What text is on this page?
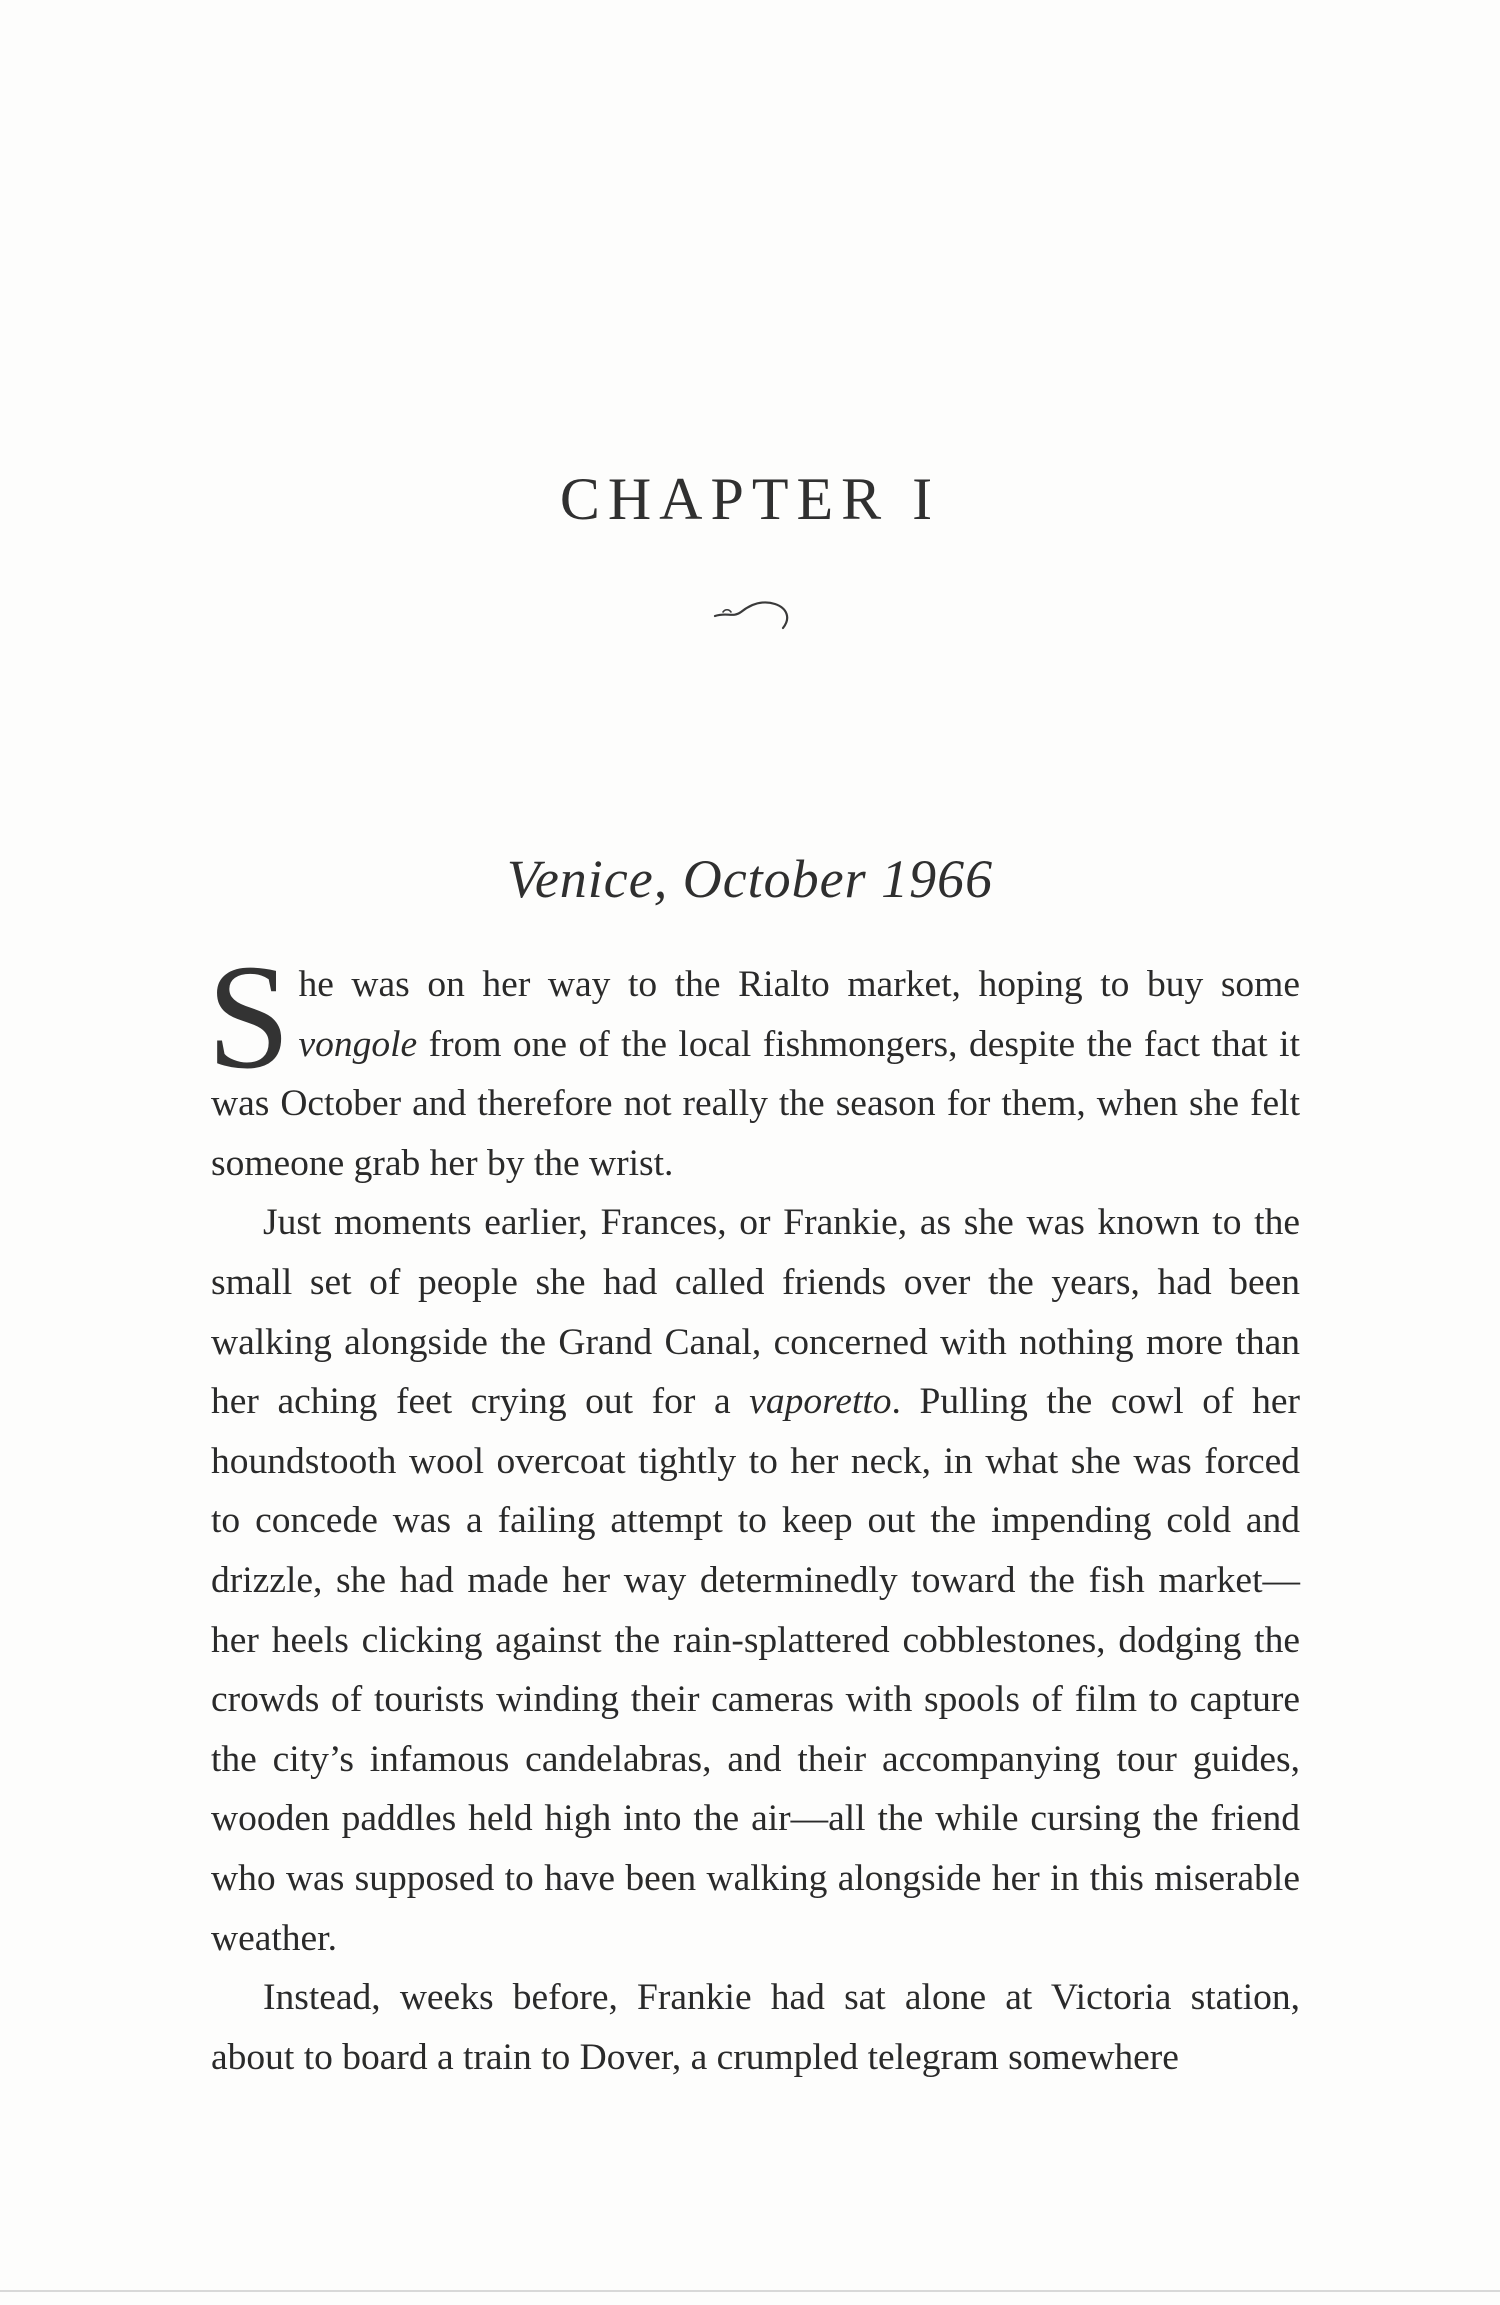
CHAPTER I
Venice, October 1966

She was on her way to the Rialto market, hoping to buy some vongole from one of the local fishmongers, despite the fact that it was October and therefore not really the season for them, when she felt someone grab her by the wrist.

Just moments earlier, Frances, or Frankie, as she was known to the small set of people she had called friends over the years, had been walking alongside the Grand Canal, concerned with nothing more than her aching feet crying out for a vaporetto. Pulling the cowl of her houndstooth wool overcoat tightly to her neck, in what she was forced to concede was a failing attempt to keep out the impending cold and drizzle, she had made her way determinedly toward the fish market—her heels clicking against the rain-splattered cobblestones, dodging the crowds of tourists winding their cameras with spools of film to capture the city’s infamous candelabras, and their accompanying tour guides, wooden paddles held high into the air—all the while cursing the friend who was supposed to have been walking alongside her in this miserable weather.

Instead, weeks before, Frankie had sat alone at Victoria station, about to board a train to Dover, a crumpled telegram somewhere
